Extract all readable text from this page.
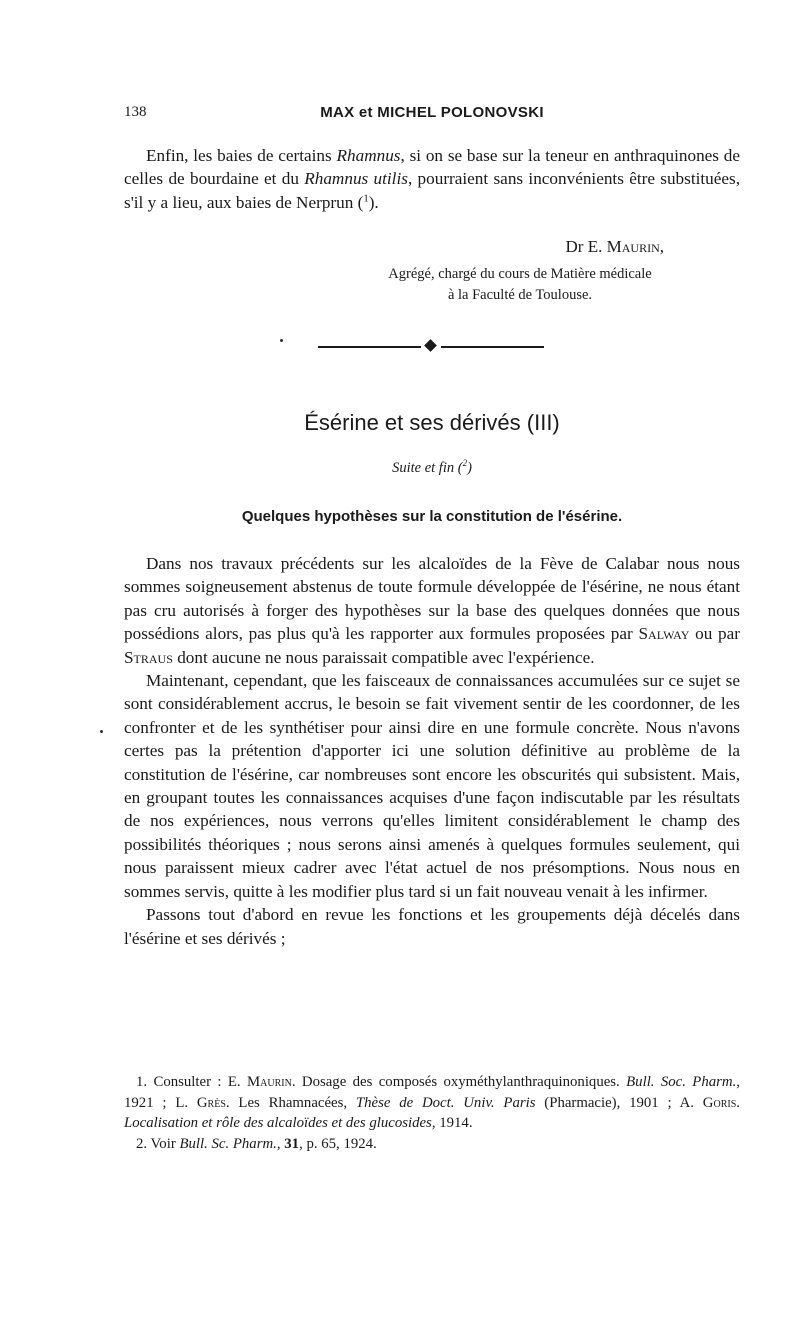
138	MAX et MICHEL POLONOVSKI

Enfin, les baies de certains Rhamnus, si on se base sur la teneur en anthraquinones de celles de bourdaine et du Rhamnus utilis, pourraient sans inconvénients être substituées, s'il y a lieu, aux baies de Nerprun ($^1$).

Dr E. Maurin,
Agrégé, chargé du cours de Matière médicale
à la Faculté de Toulouse.
Ésérine et ses dérivés (III)
Suite et fin ($^2$)
Quelques hypothèses sur la constitution de l'ésérine.

Dans nos travaux précédents sur les alcaloïdes de la Fève de Calabar nous nous sommes soigneusement abstenus de toute formule développée de l'ésérine, ne nous étant pas cru autorisés à forger des hypothèses sur la base des quelques données que nous possédions alors, pas plus qu'à les rapporter aux formules proposées par Salway ou par Straus dont aucune ne nous paraissait compatible avec l'expérience.

Maintenant, cependant, que les faisceaux de connaissances accumulées sur ce sujet se sont considérablement accrus, le besoin se fait vivement sentir de les coordonner, de les confronter et de les synthétiser pour ainsi dire en une formule concrète. Nous n'avons certes pas la prétention d'apporter ici une solution définitive au problème de la constitution de l'ésérine, car nombreuses sont encore les obscurités qui subsistent. Mais, en groupant toutes les connaissances acquises d'une façon indiscutable par les résultats de nos expériences, nous verrons qu'elles limitent considérablement le champ des possibilités théoriques ; nous serons ainsi amenés à quelques formules seulement, qui nous paraissent mieux cadrer avec l'état actuel de nos présomptions. Nous nous en sommes servis, quitte à les modifier plus tard si un fait nouveau venait à les infirmer.

Passons tout d'abord en revue les fonctions et les groupements déjà décelés dans l'ésérine et ses dérivés ;

1. Consulter : E. Maurin. Dosage des composés oxyméthylanthraquinoniques. Bull. Soc. Pharm., 1921 ; L. Grès. Les Rhamnacées, Thèse de Doct. Univ. Paris (Pharmacie), 1901 ; A. Goris. Localisation et rôle des alcaloïdes et des glucosides, 1914.

2. Voir Bull. Sc. Pharm., 31, p. 65, 1924.
